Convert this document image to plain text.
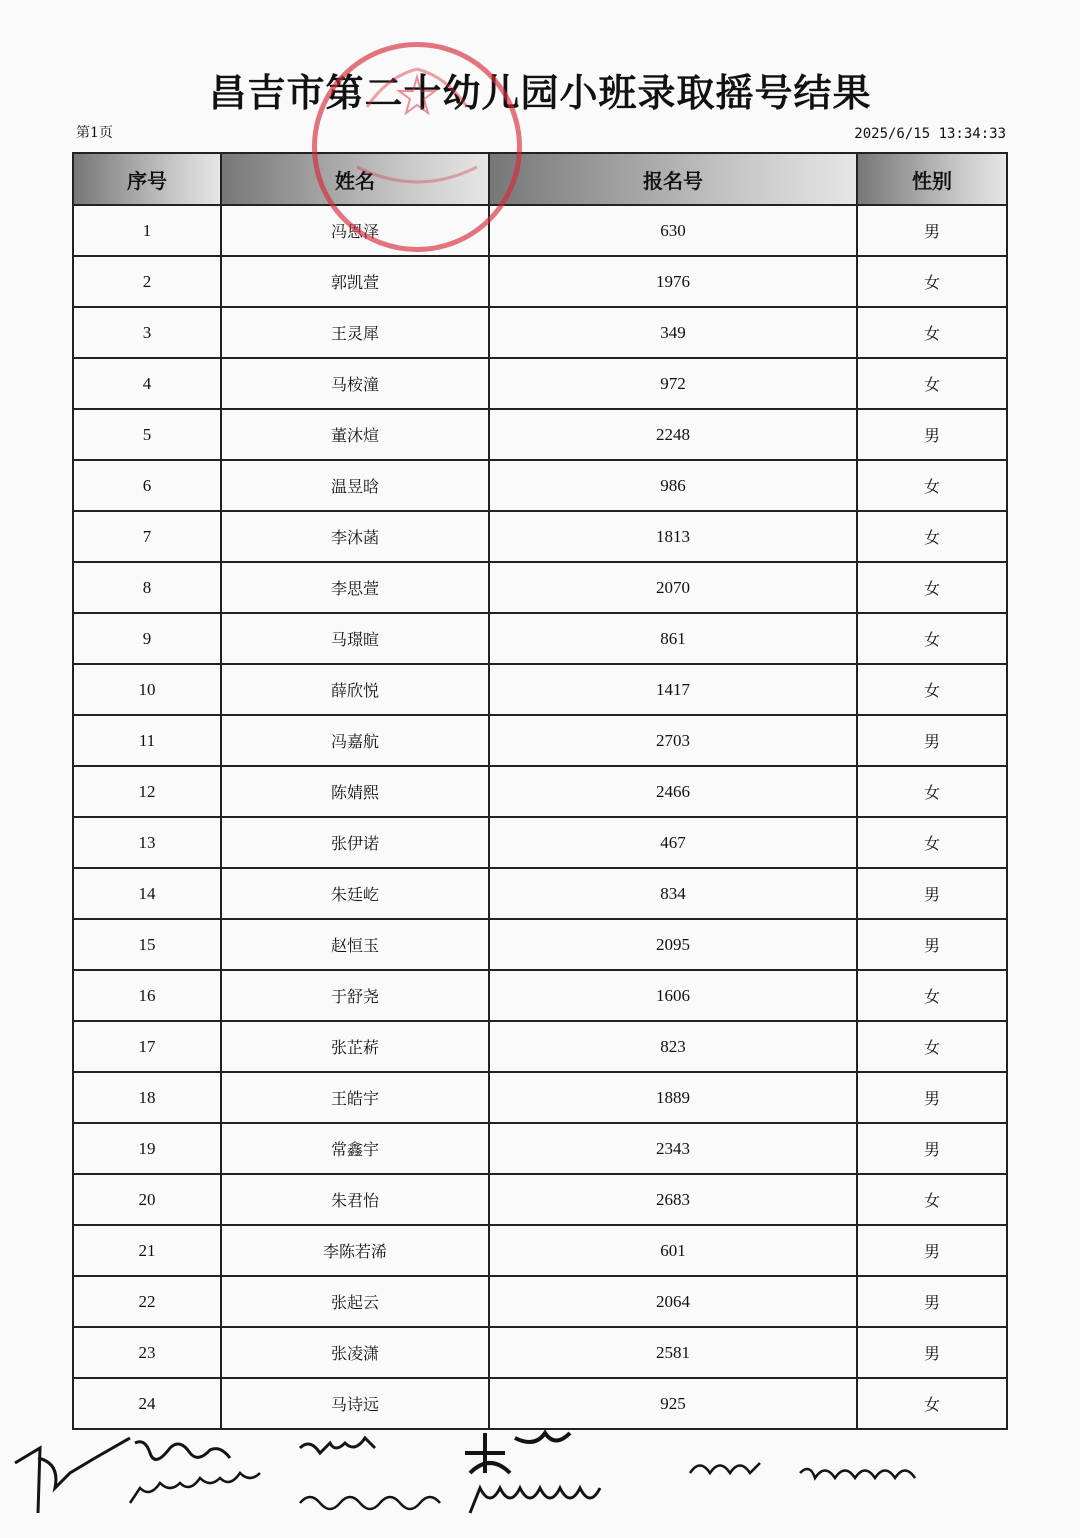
昌吉市第二十幼儿园小班录取摇号结果
第1页	2025/6/15 13:34:33
序号	姓名	报名号	性别
1	冯恩泽	630	男
2	郭凯萱	1976	女
3	王灵犀	349	女
4	马桉潼	972	女
5	董沐煊	2248	男
6	温昱晗	986	女
7	李沐菡	1813	女
8	李思萱	2070	女
9	马璟暄	861	女
10	薛欣悦	1417	女
11	冯嘉航	2703	男
12	陈婧熙	2466	女
13	张伊诺	467	女
14	朱廷屹	834	男
15	赵恒玉	2095	男
16	于舒尧	1606	女
17	张芷菥	823	女
18	王皓宇	1889	男
19	常鑫宇	2343	男
20	朱君怡	2683	女
21	李陈若浠	601	男
22	张起云	2064	男
23	张凌潇	2581	男
24	马诗远	925	女
